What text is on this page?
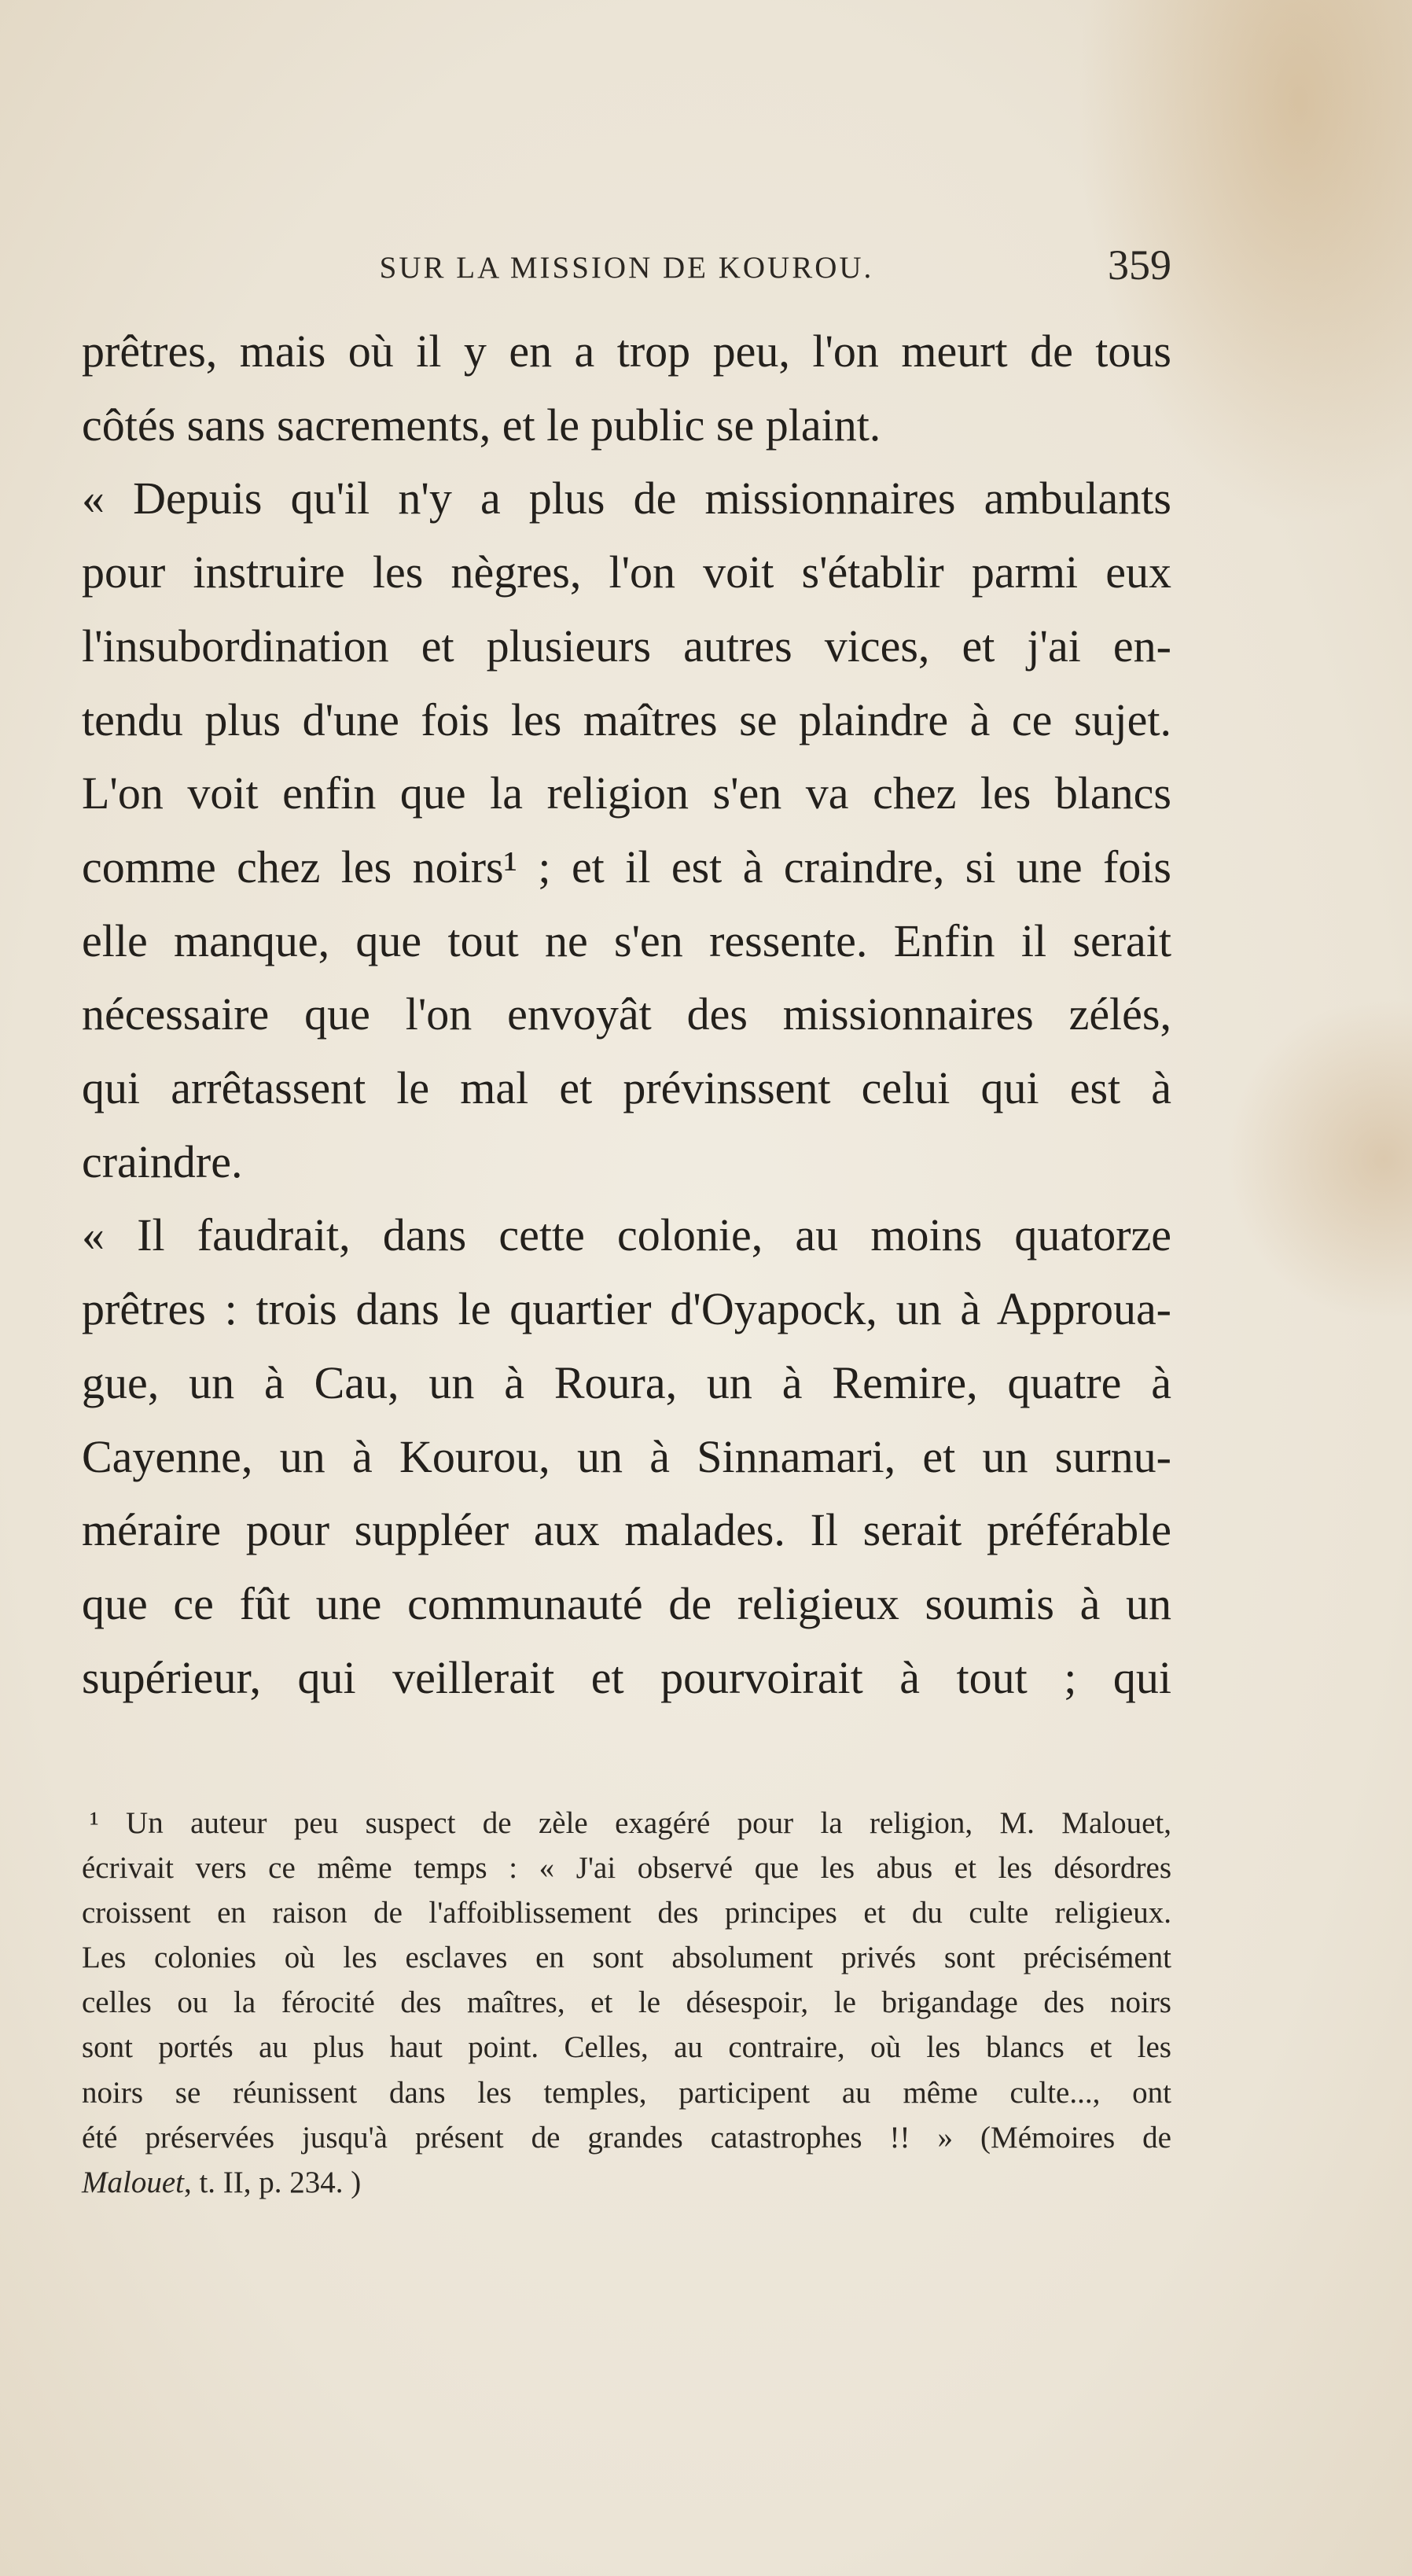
SUR LA MISSION DE KOUROU.	359
prêtres, mais où il y en a trop peu, l'on meurt de tous
côtés sans sacrements, et le public se plaint.
« Depuis qu'il n'y a plus de missionnaires ambulants
pour instruire les nègres, l'on voit s'établir parmi eux
l'insubordination et plusieurs autres vices, et j'ai en-
tendu plus d'une fois les maîtres se plaindre à ce sujet.
L'on voit enfin que la religion s'en va chez les blancs
comme chez les noirs¹ ; et il est à craindre, si une fois
elle manque, que tout ne s'en ressente. Enfin il serait
nécessaire que l'on envoyât des missionnaires zélés,
qui arrêtassent le mal et prévinssent celui qui est à
craindre.
« Il faudrait, dans cette colonie, au moins quatorze
prêtres : trois dans le quartier d'Oyapock, un à Approua-
gue, un à Cau, un à Roura, un à Remire, quatre à
Cayenne, un à Kourou, un à Sinnamari, et un surnu-
méraire pour suppléer aux malades. Il serait préférable
que ce fût une communauté de religieux soumis à un
supérieur, qui veillerait et pourvoirait à tout ; qui
¹ Un auteur peu suspect de zèle exagéré pour la religion, M. Malouet,
écrivait vers ce même temps : « J'ai observé que les abus et les désordres
croissent en raison de l'affoiblissement des principes et du culte religieux.
Les colonies où les esclaves en sont absolument privés sont précisément
celles ou la férocité des maîtres, et le désespoir, le brigandage des noirs
sont portés au plus haut point. Celles, au contraire, où les blancs et les
noirs se réunissent dans les temples, participent au même culte..., ont
été préservées jusqu'à présent de grandes catastrophes !! » (Mémoires de
Malouet, t. II, p. 234. )
